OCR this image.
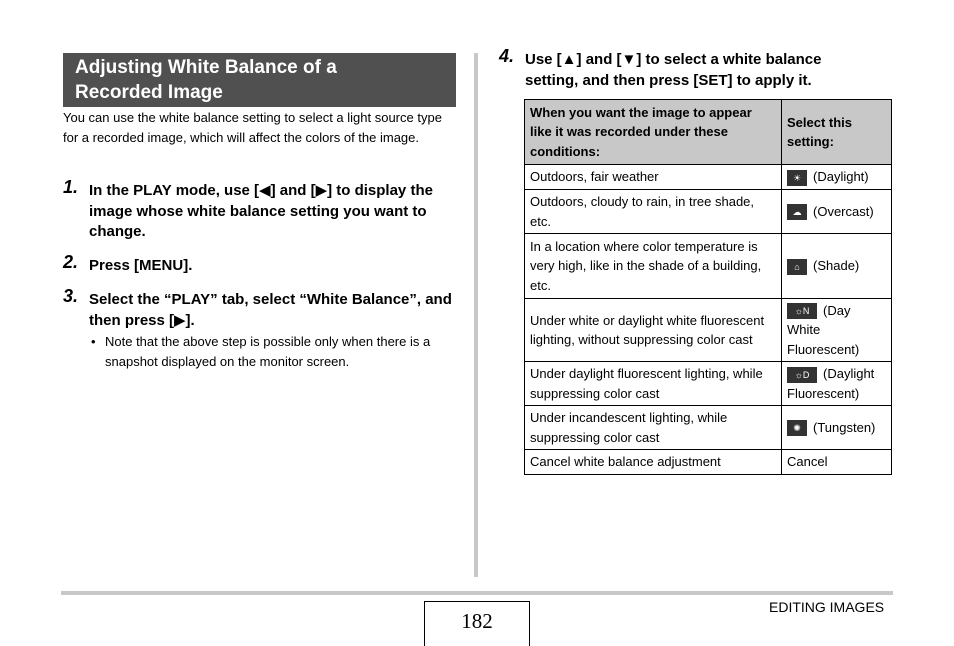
Adjusting White Balance of a
Recorded Image
You can use the white balance setting to select a light source type for a recorded image, which will affect the colors of the image.
1. In the PLAY mode, use [◀] and [▶] to display the image whose white balance setting you want to change.
2. Press [MENU].
3. Select the “PLAY” tab, select “White Balance”, and then press [▶].
• Note that the above step is possible only when there is a snapshot displayed on the monitor screen.
4. Use [▲] and [▼] to select a white balance setting, and then press [SET] to apply it.
When you want the image to appear like it was recorded under these conditions:	Select this setting:
Outdoors, fair weather	☀ (Daylight)
Outdoors, cloudy to rain, in tree shade, etc.	☁ (Overcast)
In a location where color temperature is very high, like in the shade of a building, etc.	⌂ (Shade)
Under white or daylight white fluorescent lighting, without suppressing color cast	☼N (Day White Fluorescent)
Under daylight fluorescent lighting, while suppressing color cast	☼D (Daylight Fluorescent)
Under incandescent lighting, while suppressing color cast	✺ (Tungsten)
Cancel white balance adjustment	Cancel
182
EDITING IMAGES
